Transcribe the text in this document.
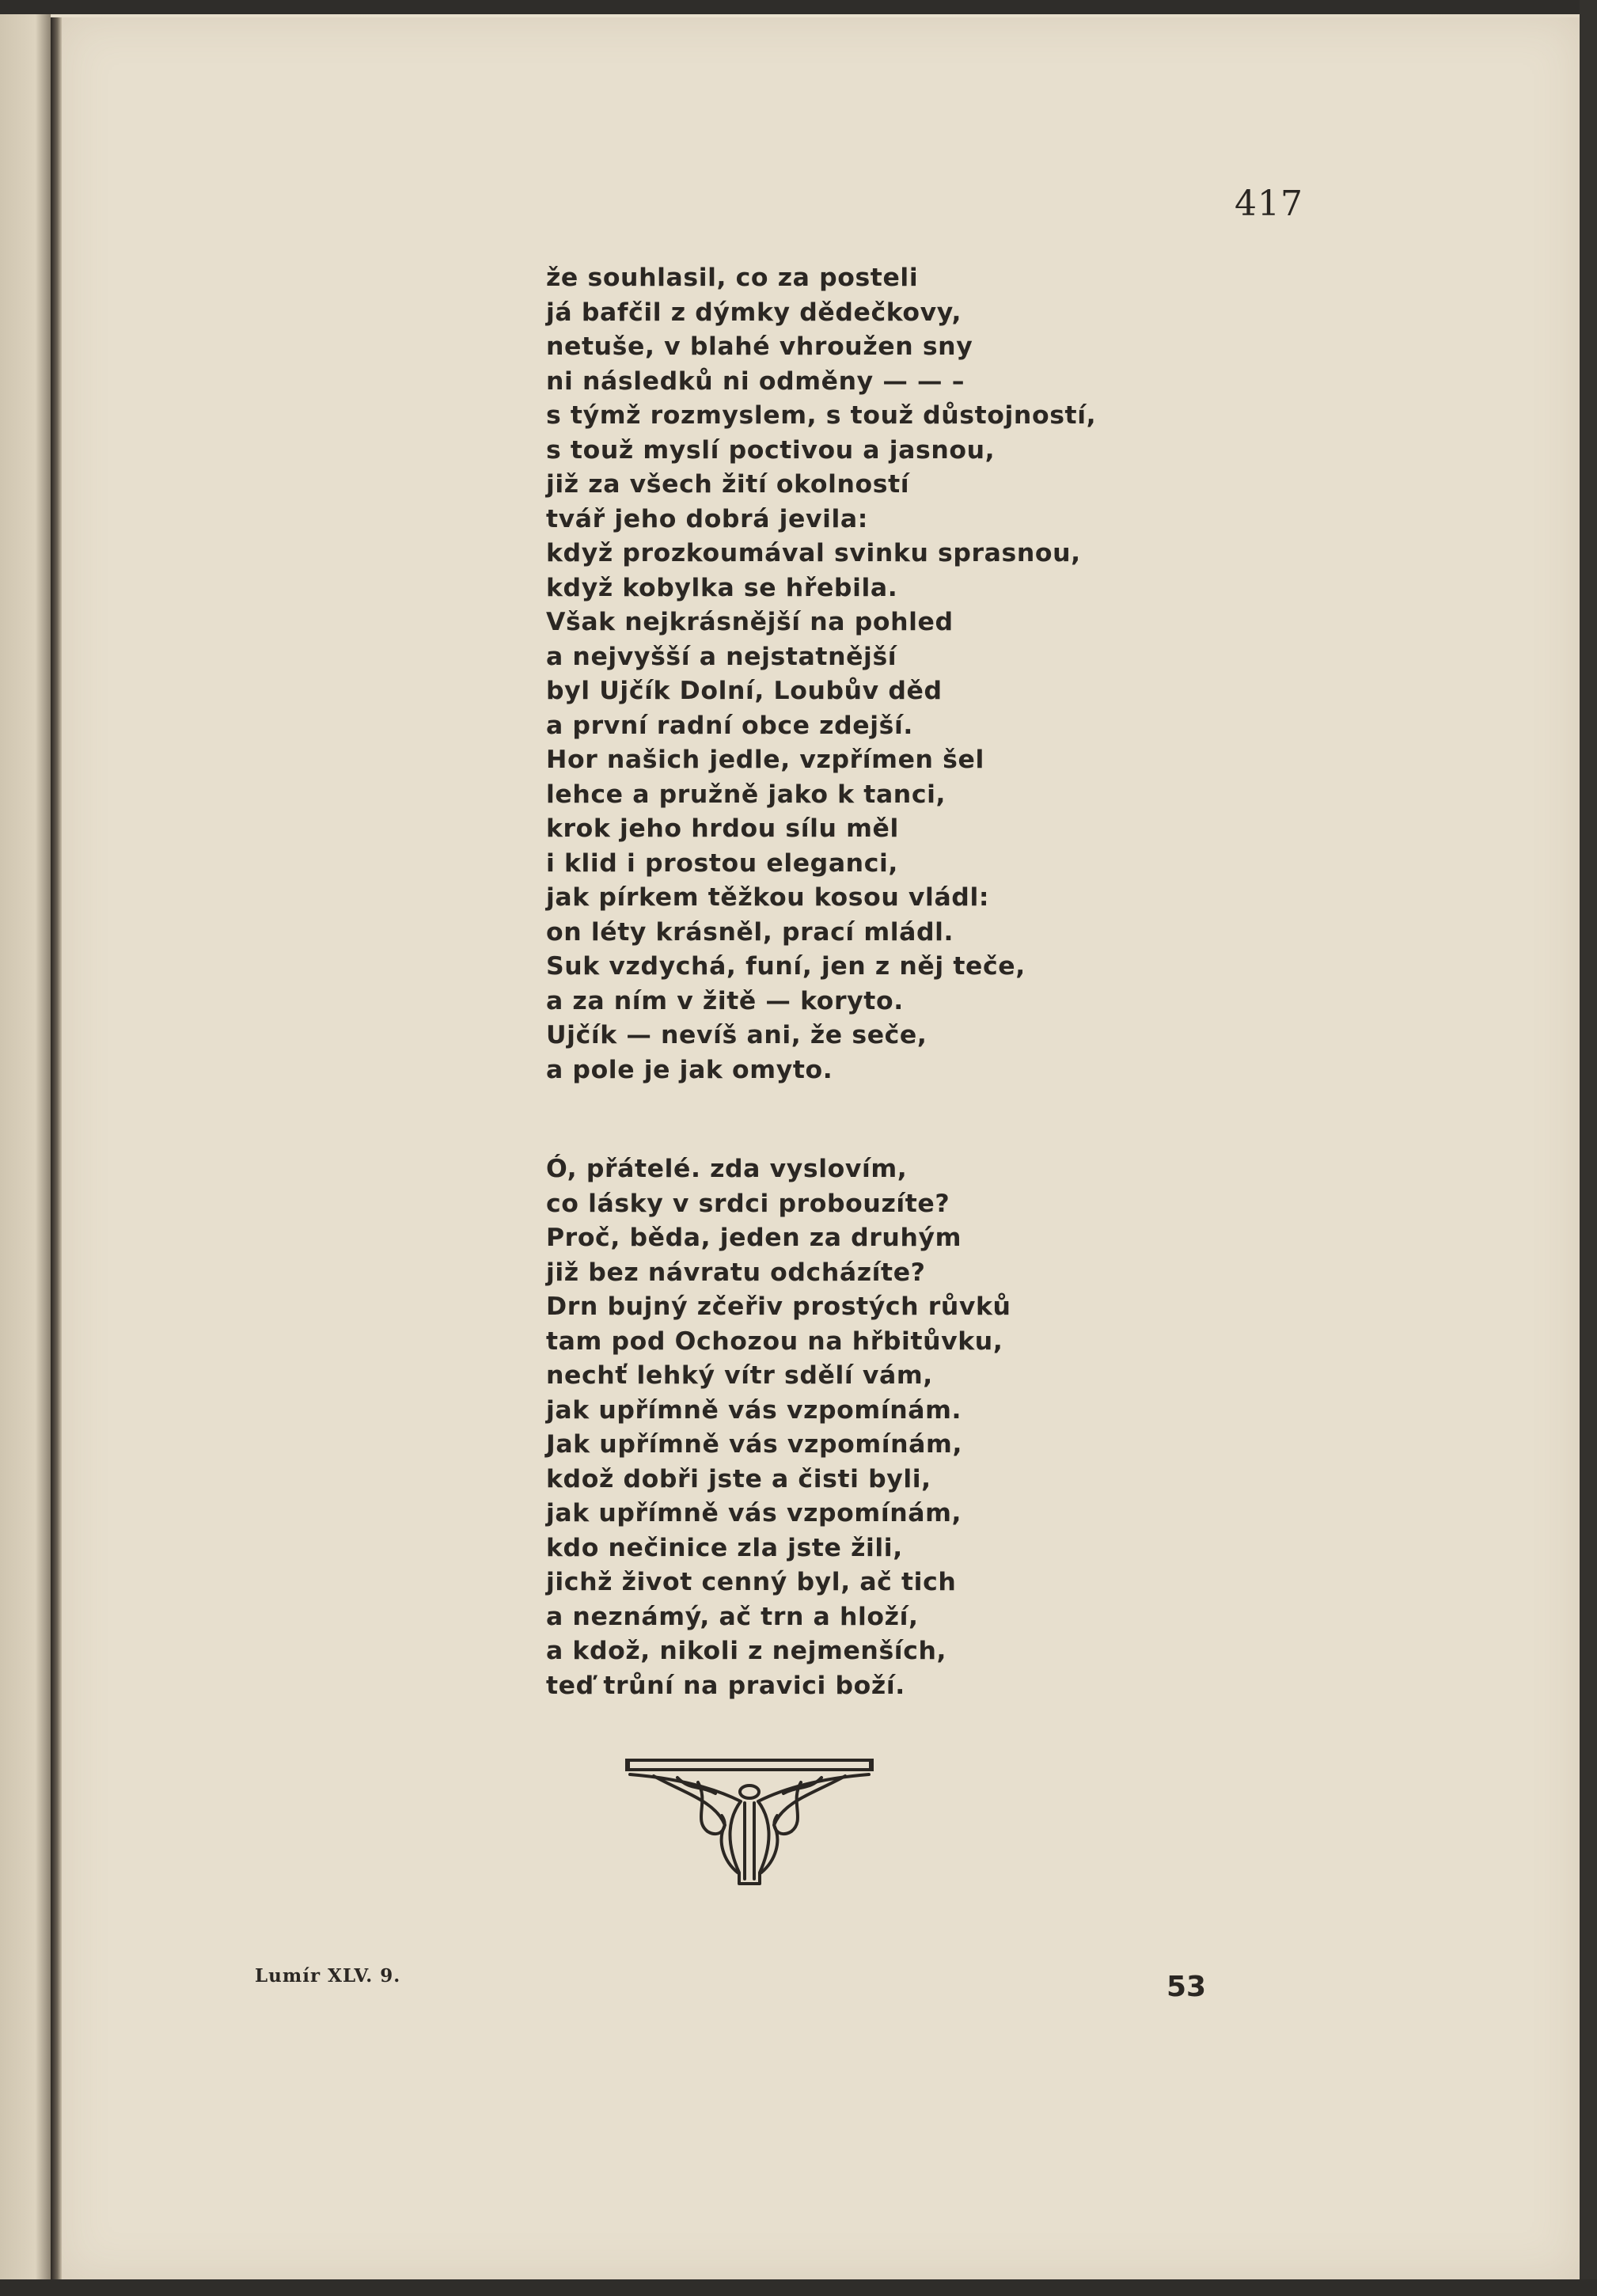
417
že souhlasil, co za posteli
já bafčil z dýmky dědečkovy,
netuše, v blahé vhroužen sny
ni následků ni odměny — — –
s týmž rozmyslem, s touž důstojností,
s touž myslí poctivou a jasnou,
již za všech žití okolností
tvář jeho dobrá jevila:
když prozkoumával svinku sprasnou,
když kobylka se hřebila.
Však nejkrásnější na pohled
a nejvyšší a nejstatnější
byl Ujčík Dolní, Loubův děd
a první radní obce zdejší.
Hor našich jedle, vzpřímen šel
lehce a pružně jako k tanci,
krok jeho hrdou sílu měl
i klid i prostou eleganci,
jak pírkem těžkou kosou vládl:
on léty krásněl, prací mládl.
Suk vzdychá, funí, jen z něj teče,
a za ním v žitě — koryto.
Ujčík — nevíš ani, že seče,
a pole je jak omyto.
Ó, přátelé. zda vyslovím,
co lásky v srdci probouzíte?
Proč, běda, jeden za druhým
již bez návratu odcházíte?
Drn bujný zčeřiv prostých růvků
tam pod Ochozou na hřbitůvku,
nechť lehký vítr sdělí vám,
jak upřímně vás vzpomínám.
Jak upřímně vás vzpomínám,
kdož dobři jste a čisti byli,
jak upřímně vás vzpomínám,
kdo nečinice zla jste žili,
jichž život cenný byl, ač tich
a neznámý, ač trn a hloží,
a kdož, nikoli z nejmenších,
teď trůní na pravici boží.
Lumír XLV. 9.	53
